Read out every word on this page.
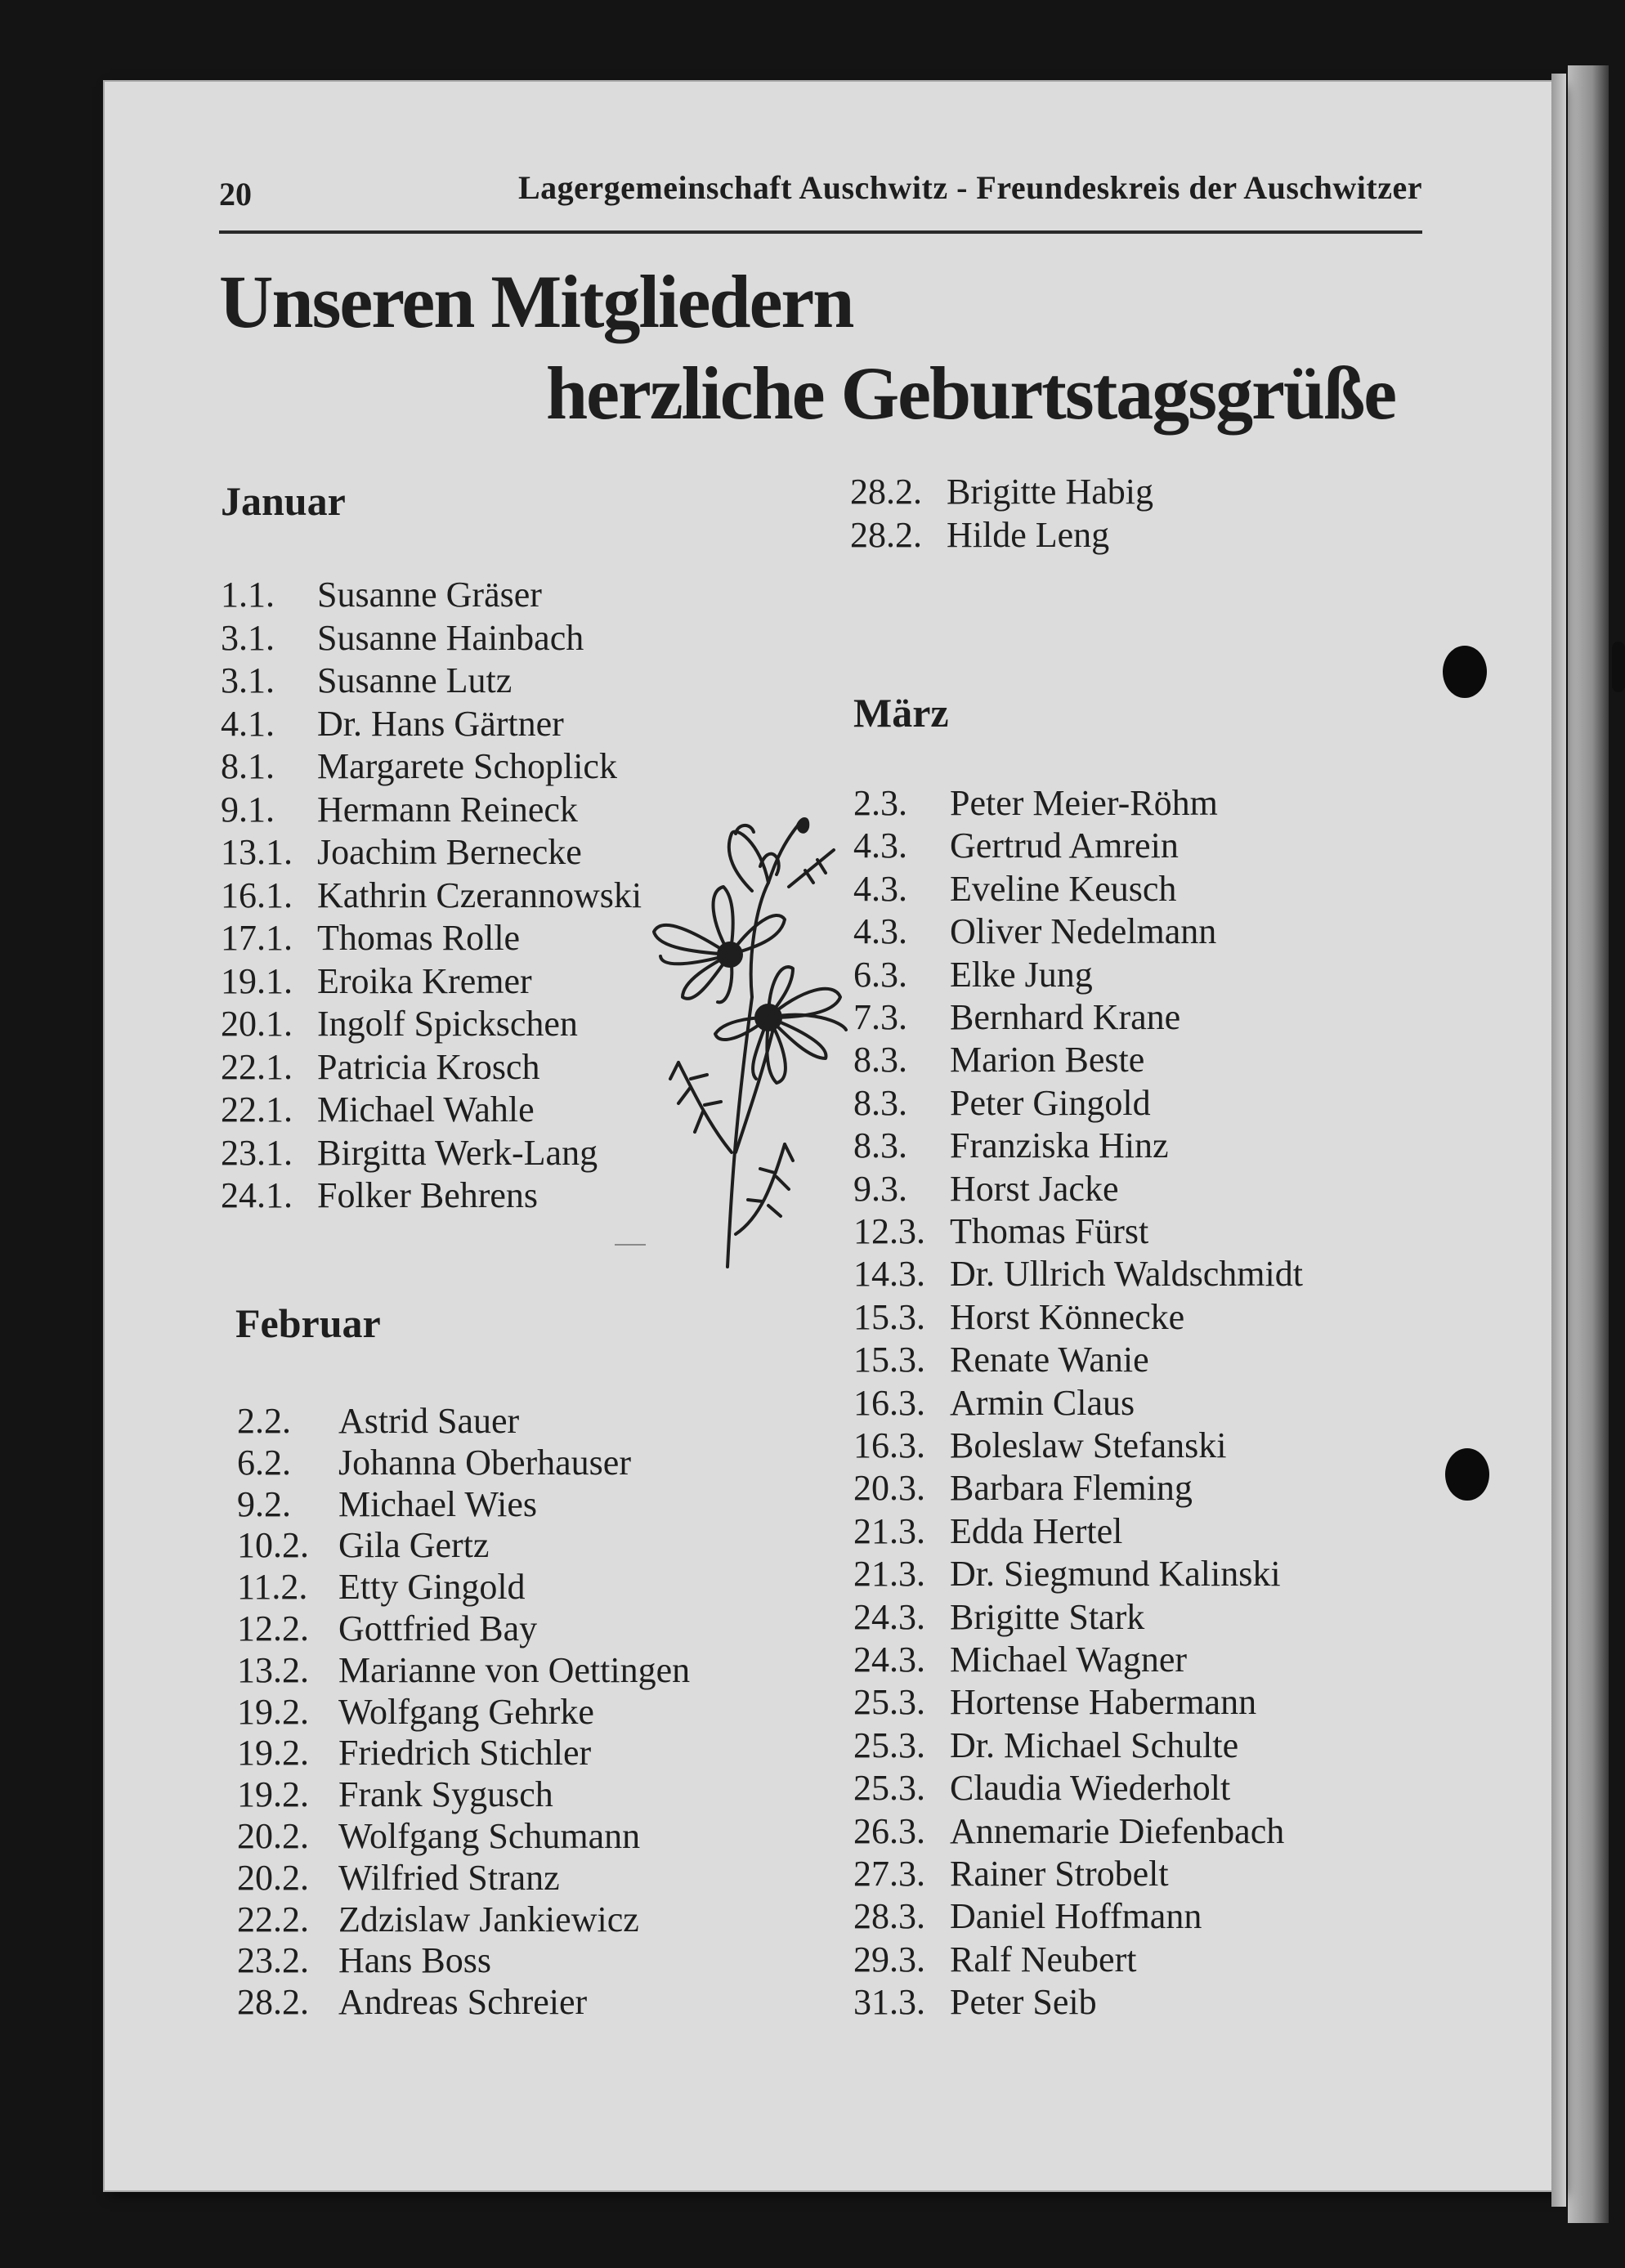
20	Lagergemeinschaft Auschwitz - Freundeskreis der Auschwitzer
Unseren Mitgliedern
herzliche Geburtstagsgrüße
Januar
Februar
März
1.1. Susanne Gräser
3.1. Susanne Hainbach
3.1. Susanne Lutz
4.1. Dr. Hans Gärtner
8.1. Margarete Schoplick
9.1. Hermann Reineck
13.1. Joachim Bernecke
16.1. Kathrin Czerannowski
17.1. Thomas Rolle
19.1. Eroika Kremer
20.1. Ingolf Spickschen
22.1. Patricia Krosch
22.1. Michael Wahle
23.1. Birgitta Werk-Lang
24.1. Folker Behrens
2.2. Astrid Sauer
6.2. Johanna Oberhauser
9.2. Michael Wies
10.2. Gila Gertz
11.2. Etty Gingold
12.2. Gottfried Bay
13.2. Marianne von Oettingen
19.2. Wolfgang Gehrke
19.2. Friedrich Stichler
19.2. Frank Sygusch
20.2. Wolfgang Schumann
20.2. Wilfried Stranz
22.2. Zdzislaw Jankiewicz
23.2. Hans Boss
28.2. Andreas Schreier
28.2. Brigitte Habig
28.2. Hilde Leng
2.3. Peter Meier-Röhm
4.3. Gertrud Amrein
4.3. Eveline Keusch
4.3. Oliver Nedelmann
6.3. Elke Jung
7.3. Bernhard Krane
8.3. Marion Beste
8.3. Peter Gingold
8.3. Franziska Hinz
9.3. Horst Jacke
12.3. Thomas Fürst
14.3. Dr. Ullrich Waldschmidt
15.3. Horst Könnecke
15.3. Renate Wanie
16.3. Armin Claus
16.3. Boleslaw Stefanski
20.3. Barbara Fleming
21.3. Edda Hertel
21.3. Dr. Siegmund Kalinski
24.3. Brigitte Stark
24.3. Michael Wagner
25.3. Hortense Habermann
25.3. Dr. Michael Schulte
25.3. Claudia Wiederholt
26.3. Annemarie Diefenbach
27.3. Rainer Strobelt
28.3. Daniel Hoffmann
29.3. Ralf Neubert
31.3. Peter Seib
